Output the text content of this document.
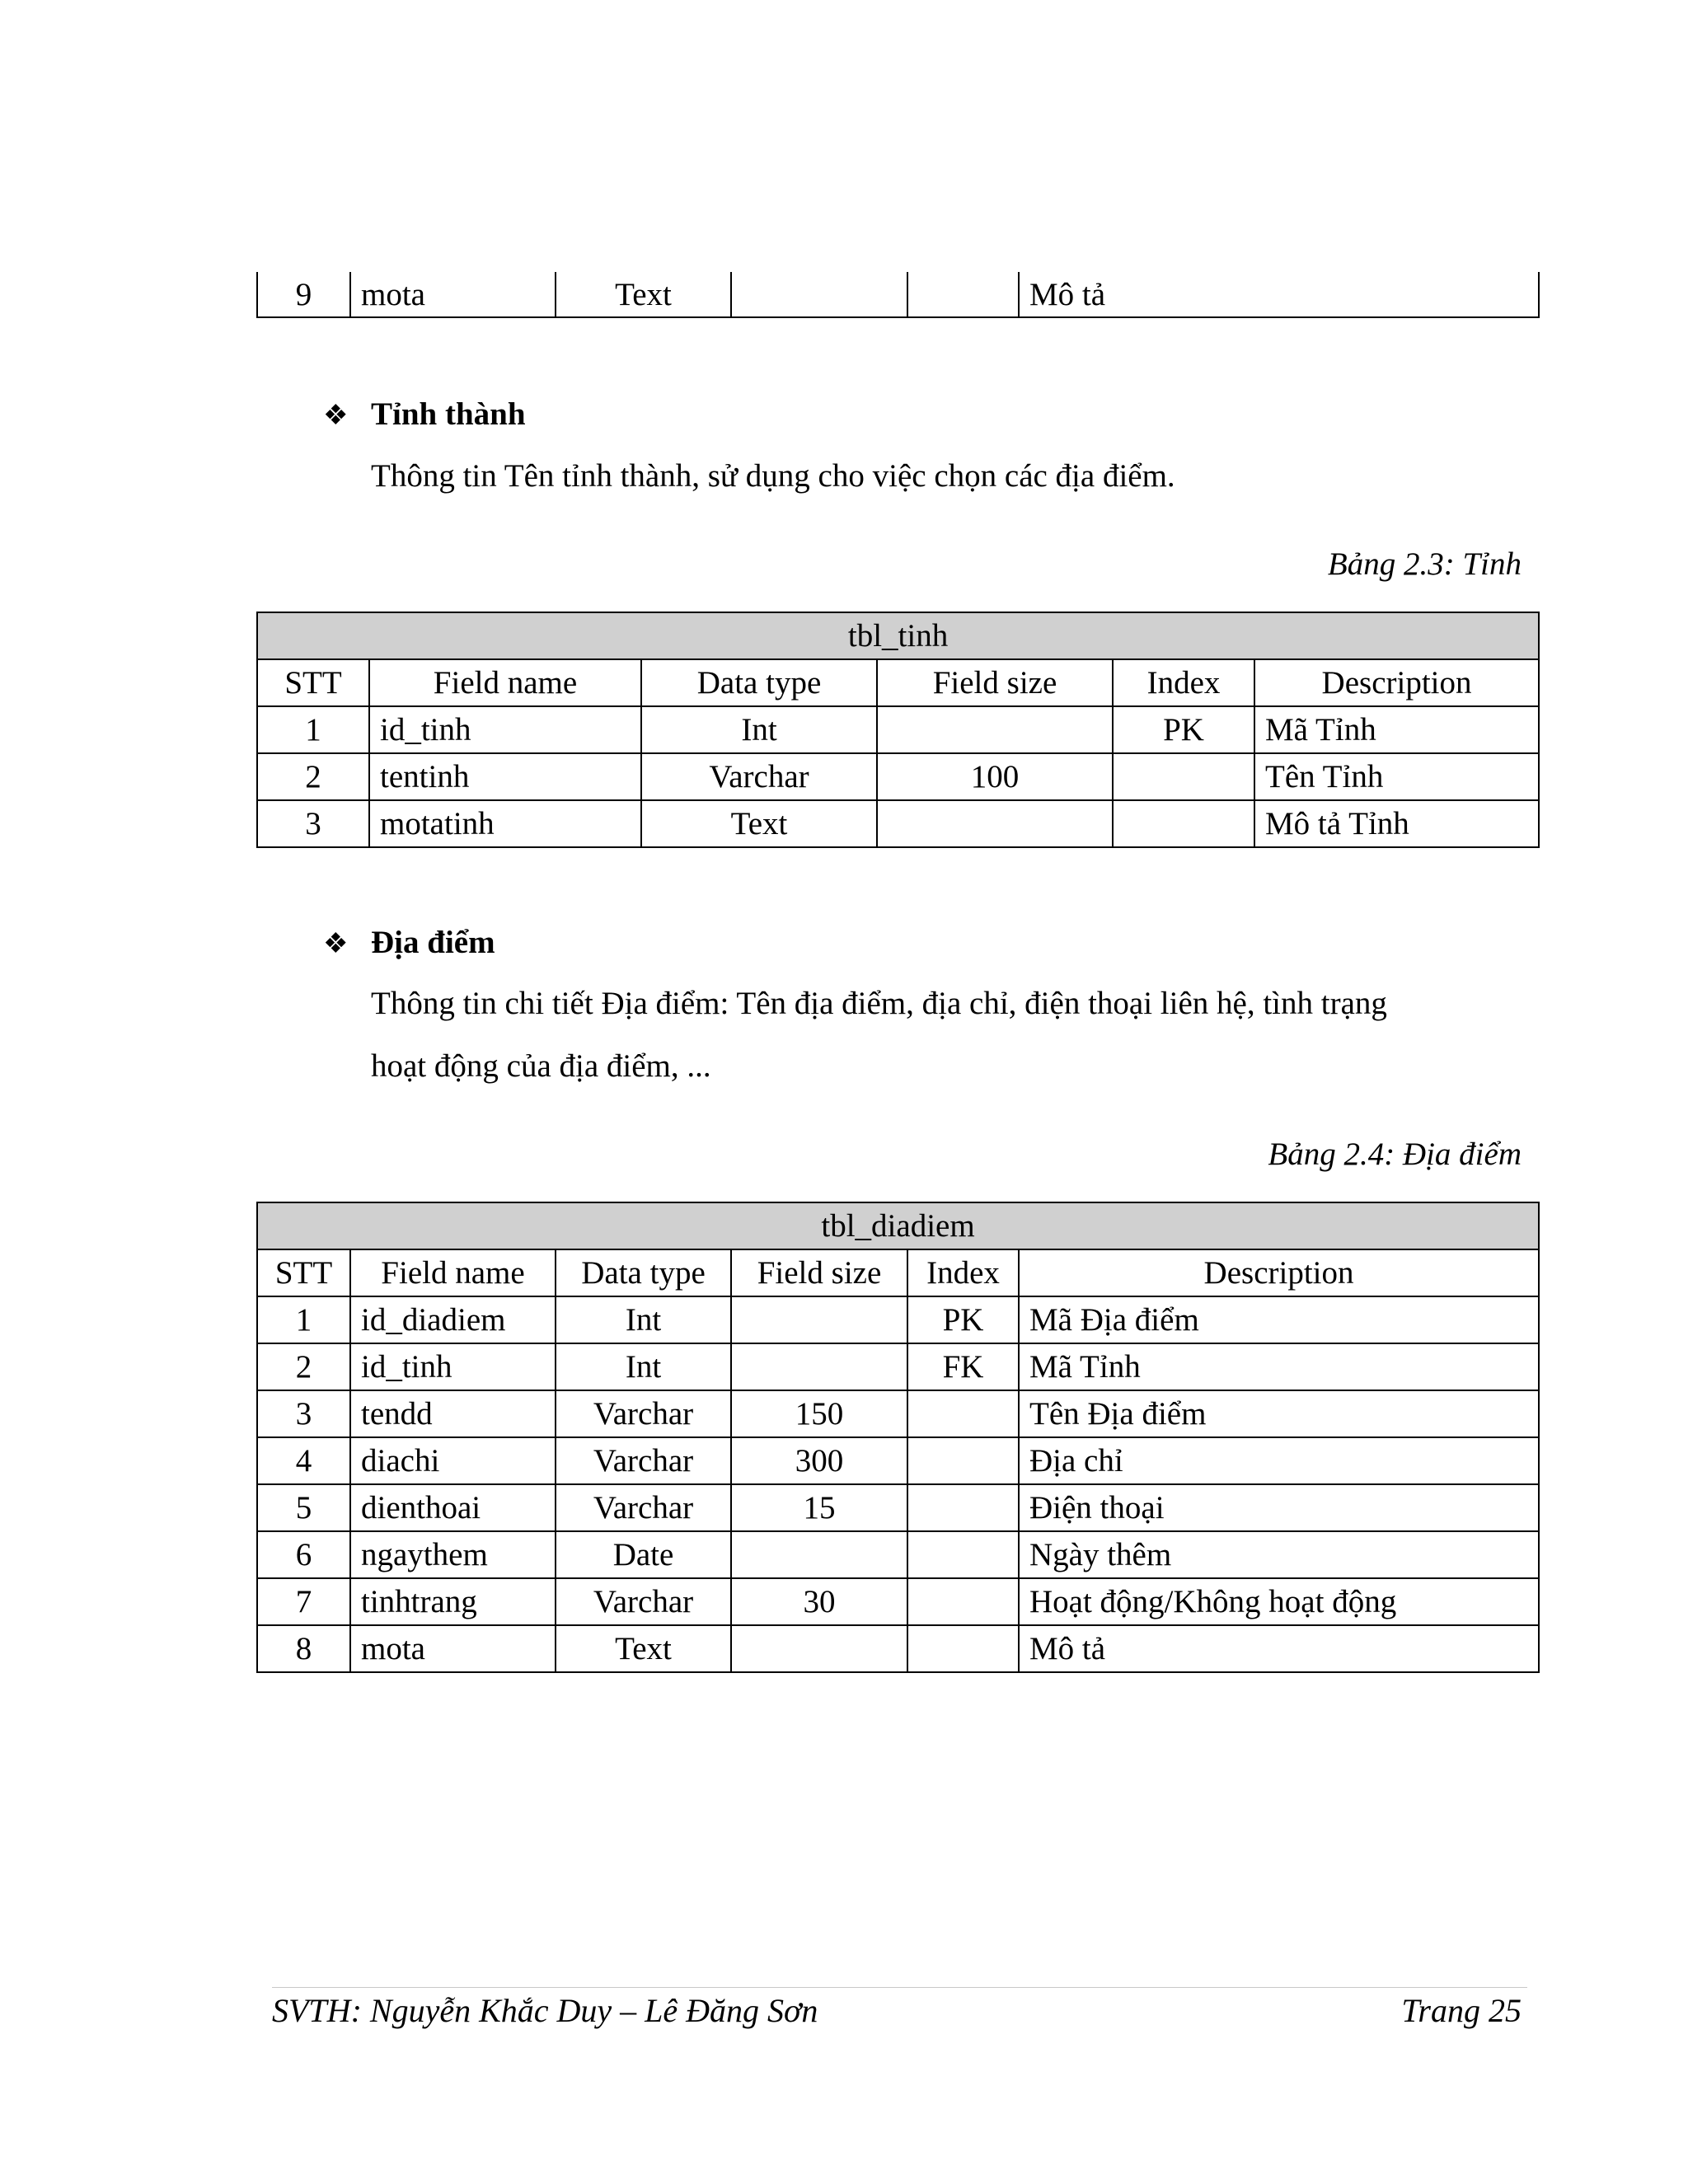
9	mota	Text			Mô tả
❖ Tỉnh thành
Thông tin Tên tỉnh thành, sử dụng cho việc chọn các địa điểm.
Bảng 2.3: Tỉnh
tbl_tinh					
STT	Field name	Data type	Field size	Index	Description
1	id_tinh	Int		PK	Mã Tỉnh
2	tentinh	Varchar	100		Tên Tỉnh
3	motatinh	Text			Mô tả Tỉnh
❖ Địa điểm
Thông tin chi tiết Địa điểm: Tên địa điểm, địa chỉ, điện thoại liên hệ, tình trạng
hoạt động của địa điểm, ...
Bảng 2.4: Địa điểm
tbl_diadiem					
STT	Field name	Data type	Field size	Index	Description
1	id_diadiem	Int		PK	Mã Địa điểm
2	id_tinh	Int		FK	Mã Tỉnh
3	tendd	Varchar	150		Tên Địa điểm
4	diachi	Varchar	300		Địa chỉ
5	dienthoai	Varchar	15		Điện thoại
6	ngaythem	Date			Ngày thêm
7	tinhtrang	Varchar	30		Hoạt động/Không hoạt động
8	mota	Text			Mô tả
SVTH: Nguyễn Khắc Duy – Lê Đăng Sơn	Trang 25
